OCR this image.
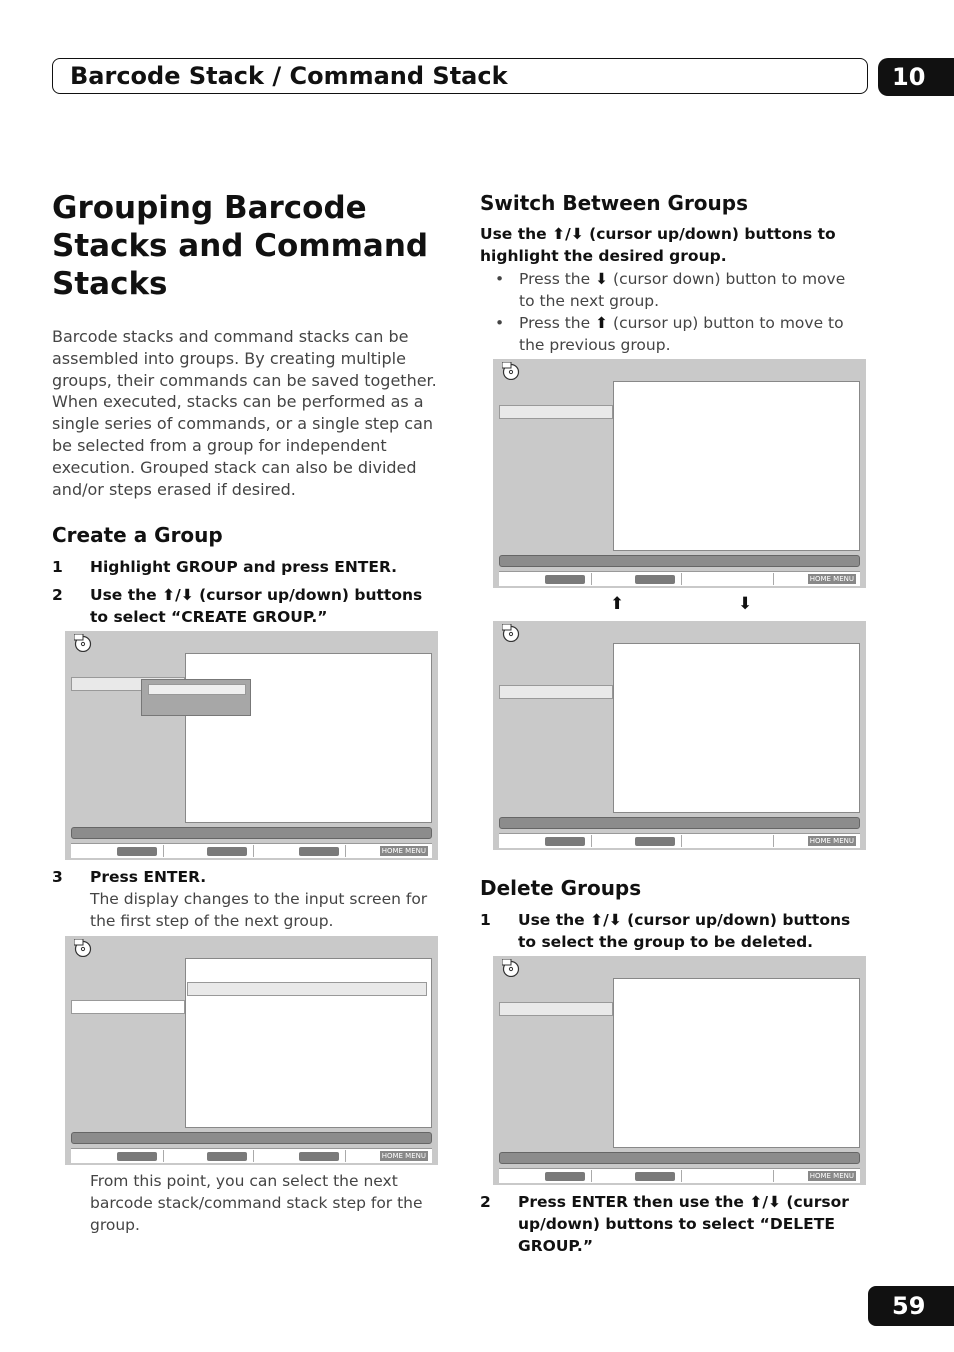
Barcode Stack / Command Stack	10
Grouping Barcode Stacks and Command Stacks
Barcode stacks and command stacks can be assembled into groups. By creating multiple groups, their commands can be saved together. When executed, stacks can be performed as a single series of commands, or a single step can be selected from a group for independent execution. Grouped stack can also be divided and/or steps erased if desired.
Create a Group
1 Highlight GROUP and press ENTER.
2 Use the ⬆/⬇ (cursor up/down) buttons to select “CREATE GROUP.”
HOME MENU
3 Press ENTER.
The display changes to the input screen for the first step of the next group.
HOME MENU
From this point, you can select the next barcode stack/command stack step for the group.
Switch Between Groups
Use the ⬆/⬇ (cursor up/down) buttons to highlight the desired group.
• Press the ⬇ (cursor down) button to move to the next group.
• Press the ⬆ (cursor up) button to move to the previous group.
HOME MENU
⬆	⬇
HOME MENU
Delete Groups
1 Use the ⬆/⬇ (cursor up/down) buttons to select the group to be deleted.
HOME MENU
2 Press ENTER then use the ⬆/⬇ (cursor up/down) buttons to select “DELETE GROUP.”
59
